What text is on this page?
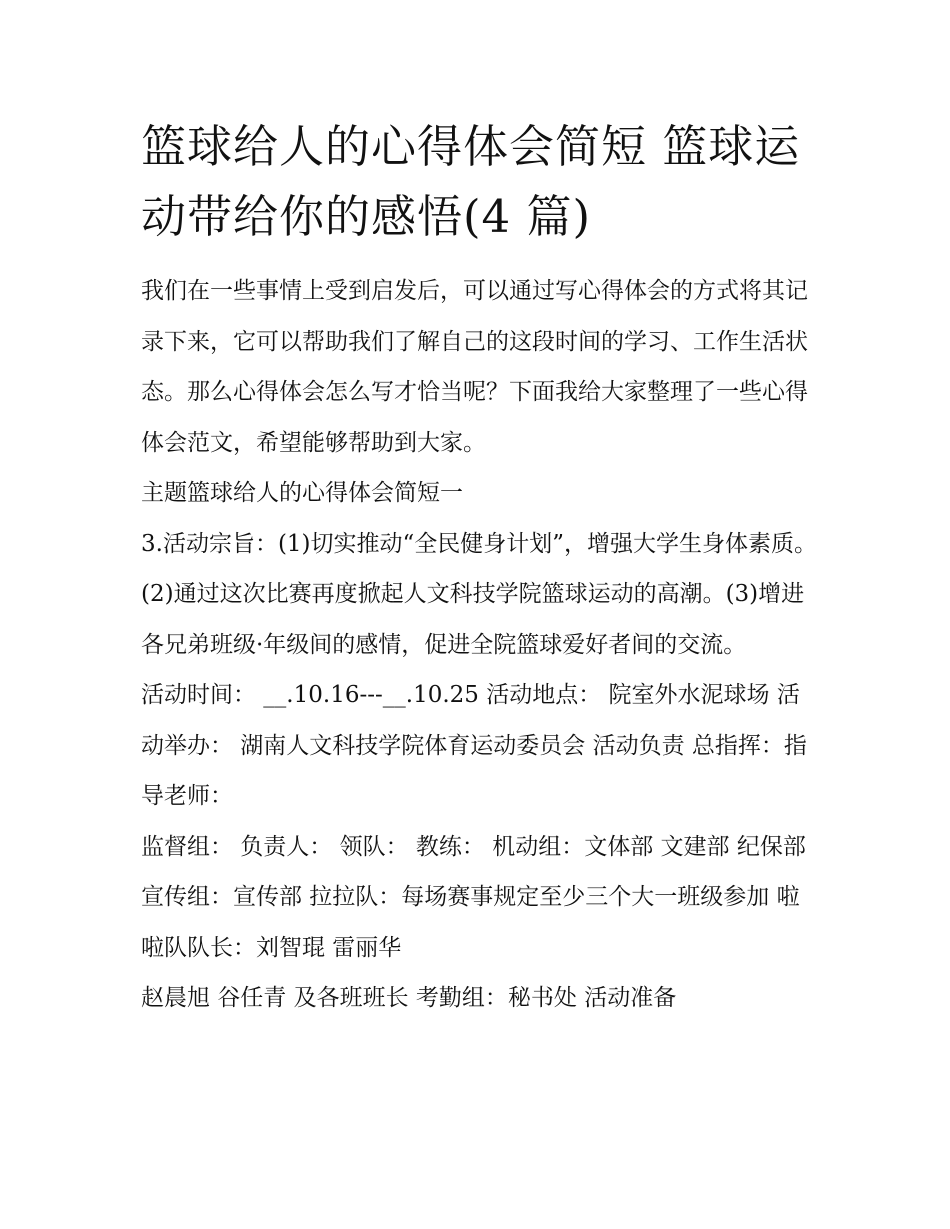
篮球给人的心得体会简短 篮球运动带给你的感悟(4 篇)

我们在一些事情上受到启发后，可以通过写心得体会的方式将其记录下来，它可以帮助我们了解自己的这段时间的学习、工作生活状态。那么心得体会怎么写才恰当呢？下面我给大家整理了一些心得体会范文，希望能够帮助到大家。

主题篮球给人的心得体会简短一

3.活动宗旨：(1)切实推动“全民健身计划”，增强大学生身体素质。(2)通过这次比赛再度掀起人文科技学院篮球运动的高潮。(3)增进各兄弟班级·年级间的感情，促进全院篮球爱好者间的交流。

活动时间： __.10.16---__.10.25 活动地点： 院室外水泥球场 活动举办： 湖南人文科技学院体育运动委员会 活动负责 总指挥：指导老师：

监督组： 负责人： 领队： 教练： 机动组：文体部 文建部 纪保部 宣传组：宣传部 拉拉队：每场赛事规定至少三个大一班级参加 啦啦队队长：刘智琨 雷丽华

赵晨旭 谷任青 及各班班长 考勤组：秘书处 活动准备
